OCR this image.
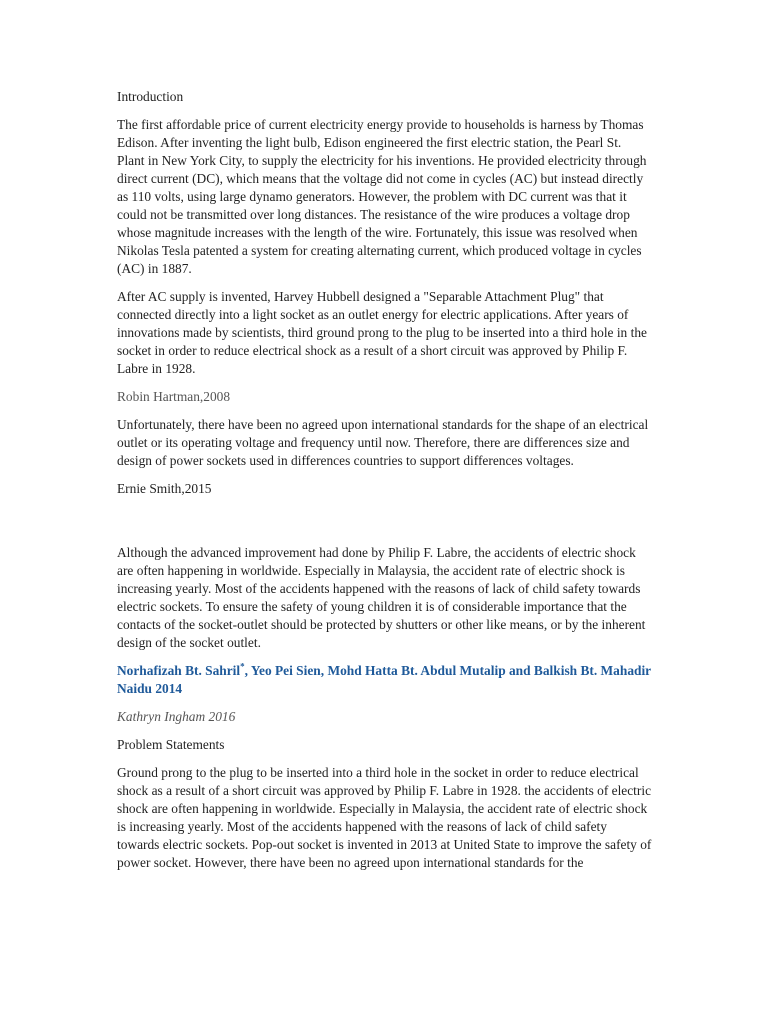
Introduction
The first affordable price of current electricity energy provide to households is harness by Thomas Edison. After inventing the light bulb, Edison engineered the first electric station, the Pearl St. Plant in New York City, to supply the electricity for his inventions. He provided electricity through direct current (DC), which means that the voltage did not come in cycles (AC) but instead directly as 110 volts, using large dynamo generators. However, the problem with DC current was that it could not be transmitted over long distances. The resistance of the wire produces a voltage drop whose magnitude increases with the length of the wire. Fortunately, this issue was resolved when Nikolas Tesla patented a system for creating alternating current, which produced voltage in cycles (AC) in 1887.
After AC supply is invented, Harvey Hubbell designed a "Separable Attachment Plug" that connected directly into a light socket as an outlet energy for electric applications. After years of innovations made by scientists, third ground prong to the plug to be inserted into a third hole in the socket in order to reduce electrical shock as a result of a short circuit was approved by Philip F. Labre in 1928.
Robin Hartman,2008
Unfortunately, there have been no agreed upon international standards for the shape of an electrical outlet or its operating voltage and frequency until now. Therefore, there are differences size and design of power sockets used in differences countries to support differences voltages.
Ernie Smith,2015
Although the advanced improvement had done by Philip F. Labre, the accidents of electric shock are often happening in worldwide. Especially in Malaysia, the accident rate of electric shock is increasing yearly. Most of the accidents happened with the reasons of lack of child safety towards electric sockets. To ensure the safety of young children it is of considerable importance that the contacts of the socket-outlet should be protected by shutters or other like means, or by the inherent design of the socket outlet.
Norhafizah Bt. Sahril*, Yeo Pei Sien, Mohd Hatta Bt. Abdul Mutalip and Balkish Bt. Mahadir Naidu 2014
Kathryn Ingham 2016
Problem Statements
Ground prong to the plug to be inserted into a third hole in the socket in order to reduce electrical shock as a result of a short circuit was approved by Philip F. Labre in 1928. the accidents of electric shock are often happening in worldwide. Especially in Malaysia, the accident rate of electric shock is increasing yearly. Most of the accidents happened with the reasons of lack of child safety towards electric sockets. Pop-out socket is invented in 2013 at United State to improve the safety of power socket. However, there have been no agreed upon international standards for the
